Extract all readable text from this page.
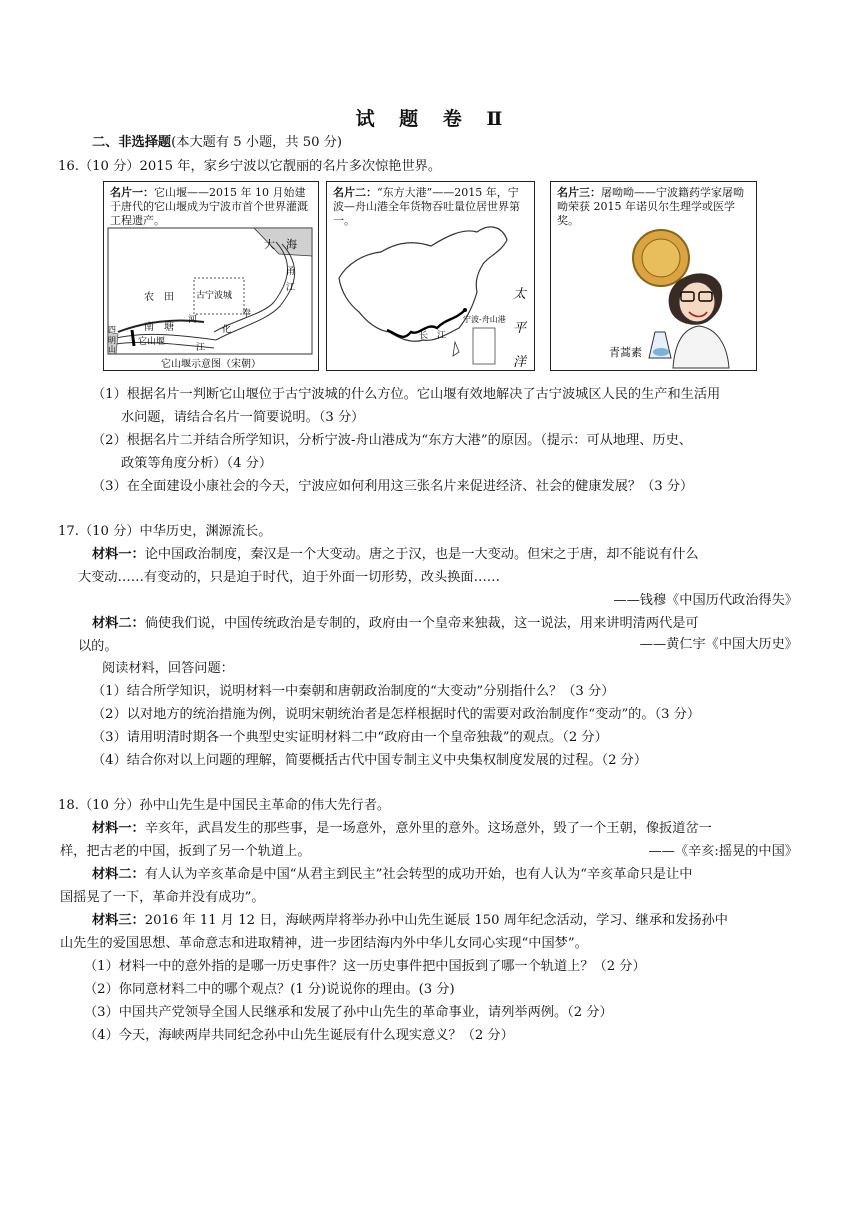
试 题 卷 Ⅱ
二、非选择题(本大题有 5 小题，共 50 分)
16.（10 分）2015 年，家乡宁波以它靓丽的名片多次惊艳世界。
名片一：它山堰——2015 年 10 月始建于唐代的它山堰成为宁波市首个世界灌溉工程遗产。
大　海
甬
江
农　田 古宁波城
河
奉
南 塘	化
它山堰
江
四
明
山
它山堰示意图（宋朝）
名片二：“东方大港”——2015 年，宁波—舟山港全年货物吞吐量位居世界第一。
太
平
洋
宁波-舟山港
长　江
名片三：屠呦呦——宁波籍药学家屠呦呦荣获 2015 年诺贝尔生理学或医学奖。
青蒿素
（1）根据名片一判断它山堰位于古宁波城的什么方位。它山堰有效地解决了古宁波城区人民的生产和生活用
水问题，请结合名片一简要说明。（3 分）
（2）根据名片二并结合所学知识，分析宁波-舟山港成为“东方大港”的原因。（提示：可从地理、历史、
政策等角度分析）（4 分）
（3）在全面建设小康社会的今天，宁波应如何利用这三张名片来促进经济、社会的健康发展？（3 分）
17.（10 分）中华历史，渊源流长。
材料一：论中国政治制度，秦汉是一个大变动。唐之于汉，也是一大变动。但宋之于唐，却不能说有什么
大变动……有变动的，只是迫于时代，迫于外面一切形势，改头换面……
——钱穆《中国历代政治得失》
材料二：倘使我们说，中国传统政治是专制的，政府由一个皇帝来独裁，这一说法，用来讲明清两代是可
以的。	——黄仁宇《中国大历史》
阅读材料，回答问题：
（1）结合所学知识，说明材料一中秦朝和唐朝政治制度的“大变动”分别指什么？（3 分）
（2）以对地方的统治措施为例，说明宋朝统治者是怎样根据时代的需要对政治制度作“变动”的。（3 分）
（3）请用明清时期各一个典型史实证明材料二中“政府由一个皇帝独裁”的观点。（2 分）
（4）结合你对以上问题的理解，简要概括古代中国专制主义中央集权制度发展的过程。（2 分）
18.（10 分）孙中山先生是中国民主革命的伟大先行者。
材料一：辛亥年，武昌发生的那些事，是一场意外，意外里的意外。这场意外，毁了一个王朝，像扳道岔一
样，把古老的中国，扳到了另一个轨道上。	——《辛亥:摇晃的中国》
材料二：有人认为辛亥革命是中国“从君主到民主”社会转型的成功开始，也有人认为“辛亥革命只是让中
国摇晃了一下，革命并没有成功”。
材料三：2016 年 11 月 12 日，海峡两岸将举办孙中山先生诞辰 150 周年纪念活动，学习、继承和发扬孙中
山先生的爱国思想、革命意志和进取精神，进一步团结海内外中华儿女同心实现“中国梦”。
（1）材料一中的意外指的是哪一历史事件？这一历史事件把中国扳到了哪一个轨道上？（2 分）
（2）你同意材料二中的哪个观点？(1 分)说说你的理由。(3 分)
（3）中国共产党领导全国人民继承和发展了孙中山先生的革命事业，请列举两例。（2 分）
（4）今天，海峡两岸共同纪念孙中山先生诞辰有什么现实意义？（2 分）
